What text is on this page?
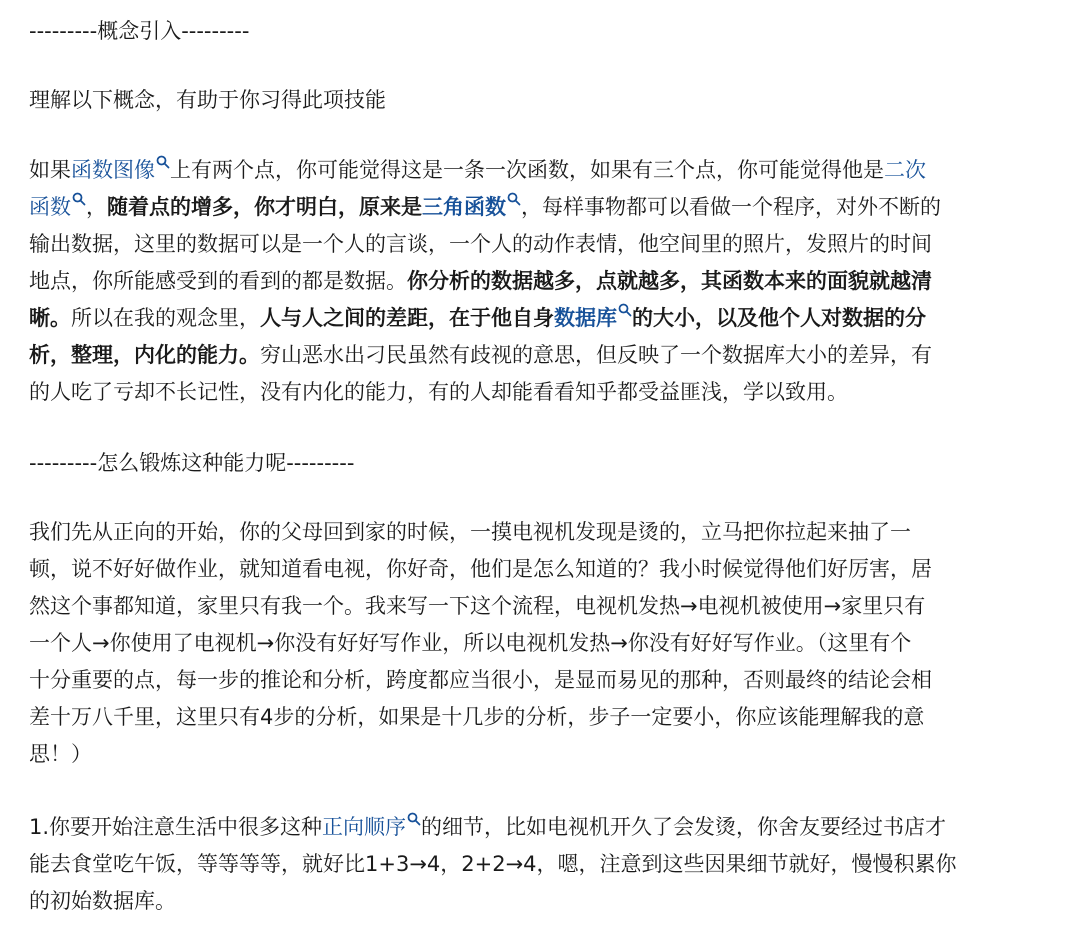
---------概念引入---------

理解以下概念，有助于你习得此项技能

如果函数图像 上有两个点，你可能觉得这是一条一次函数，如果有三个点，你可能觉得他是二次
函数 ，随着点的增多，你才明白，原来是三角函数 ，每样事物都可以看做一个程序，对外不断的
输出数据，这里的数据可以是一个人的言谈，一个人的动作表情，他空间里的照片，发照片的时间
地点，你所能感受到的看到的都是数据。你分析的数据越多，点就越多，其函数本来的面貌就越清
晰。所以在我的观念里，人与人之间的差距，在于他自身数据库 的大小，以及他个人对数据的分
析，整理，内化的能力。穷山恶水出刁民虽然有歧视的意思，但反映了一个数据库大小的差异，有
的人吃了亏却不长记性，没有内化的能力，有的人却能看看知乎都受益匪浅，学以致用。

---------怎么锻炼这种能力呢---------

我们先从正向的开始，你的父母回到家的时候，一摸电视机发现是烫的，立马把你拉起来抽了一
顿，说不好好做作业，就知道看电视，你好奇，他们是怎么知道的？我小时候觉得他们好厉害，居
然这个事都知道，家里只有我一个。我来写一下这个流程，电视机发热→电视机被使用→家里只有
一个人→你使用了电视机→你没有好好写作业，所以电视机发热→你没有好好写作业。（这里有个
十分重要的点，每一步的推论和分析，跨度都应当很小，是显而易见的那种，否则最终的结论会相
差十万八千里，这里只有4步的分析，如果是十几步的分析，步子一定要小，你应该能理解我的意
思！）
1.你要开始注意生活中很多这种正向顺序 的细节，比如电视机开久了会发烫，你舍友要经过书店才
能去食堂吃午饭，等等等等，就好比1+3→4，2+2→4，嗯，注意到这些因果细节就好，慢慢积累你
的初始数据库。
